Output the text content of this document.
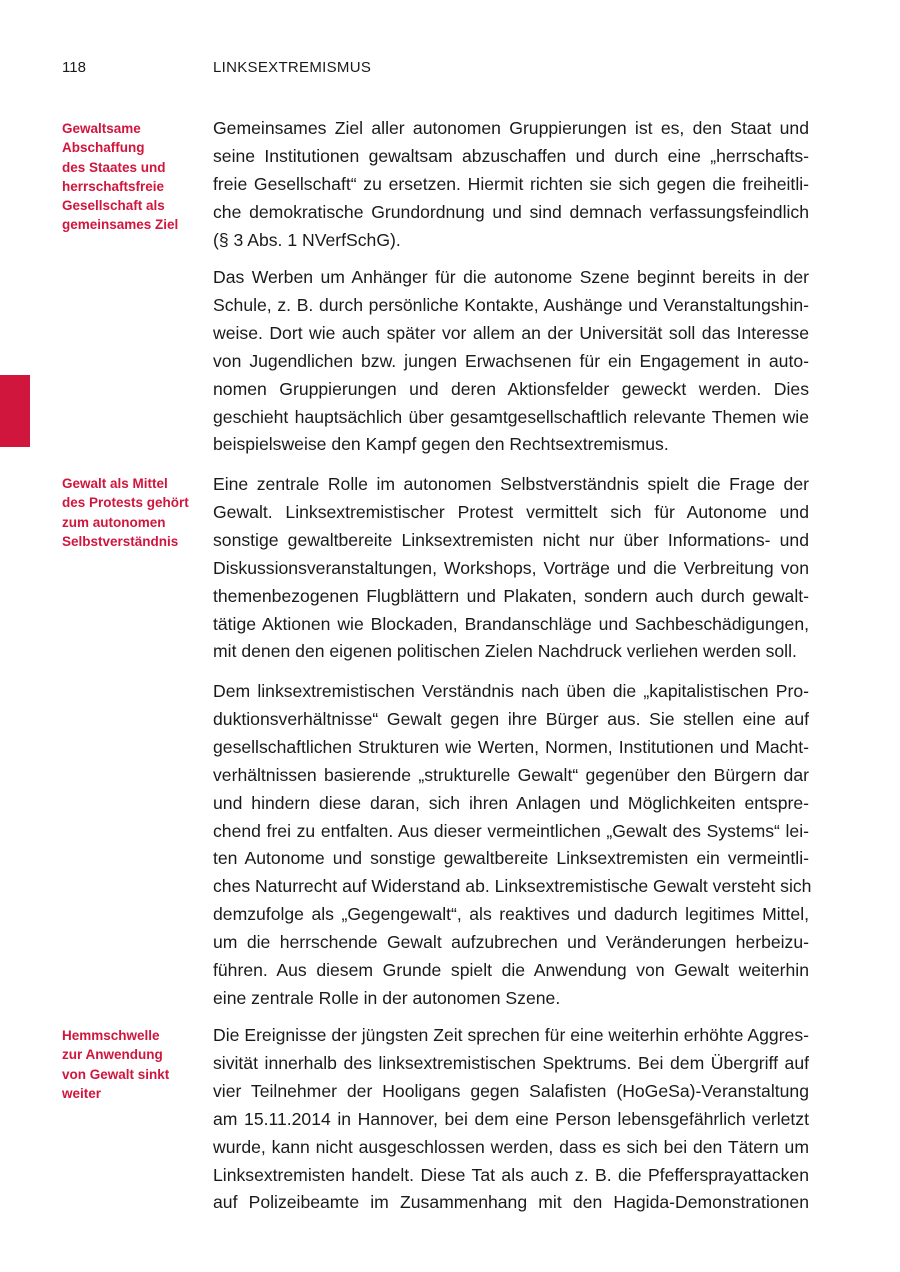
118	LINKSEXTREMISMUS
Gewaltsame
Abschaffung
des Staates und
herrschaftsfreie
Gesellschaft als
gemeinsames Ziel
Gewalt als Mittel
des Protests gehört
zum autonomen
Selbstverständnis
Hemmschwelle
zur Anwendung
von Gewalt sinkt
weiter
Gemeinsames Ziel aller autonomen Gruppierungen ist es, den Staat und
seine Institutionen gewaltsam abzuschaffen und durch eine „herrschafts-
freie Gesellschaft“ zu ersetzen. Hiermit richten sie sich gegen die freiheitli-
che demokratische Grundordnung und sind demnach verfassungsfeindlich
(§ 3 Abs. 1 NVerfSchG).
Das Werben um Anhänger für die autonome Szene beginnt bereits in der
Schule, z. B. durch persönliche Kontakte, Aushänge und Veranstaltungshin-
weise. Dort wie auch später vor allem an der Universität soll das Interesse
von Jugendlichen bzw. jungen Erwachsenen für ein Engagement in auto-
nomen Gruppierungen und deren Aktionsfelder geweckt werden. Dies
geschieht hauptsächlich über gesamtgesellschaftlich relevante Themen wie
beispielsweise den Kampf gegen den Rechtsextremismus.
Eine zentrale Rolle im autonomen Selbstverständnis spielt die Frage der
Gewalt. Linksextremistischer Protest vermittelt sich für Autonome und
sonstige gewaltbereite Linksextremisten nicht nur über Informations- und
Diskussionsveranstaltungen, Workshops, Vorträge und die Verbreitung von
themenbezogenen Flugblättern und Plakaten, sondern auch durch gewalt-
tätige Aktionen wie Blockaden, Brandanschläge und Sachbeschädigungen,
mit denen den eigenen politischen Zielen Nachdruck verliehen werden soll.
Dem linksextremistischen Verständnis nach üben die „kapitalistischen Pro-
duktionsverhältnisse“ Gewalt gegen ihre Bürger aus. Sie stellen eine auf
gesellschaftlichen Strukturen wie Werten, Normen, Institutionen und Macht-
verhältnissen basierende „strukturelle Gewalt“ gegenüber den Bürgern dar
und hindern diese daran, sich ihren Anlagen und Möglichkeiten entspre-
chend frei zu entfalten. Aus dieser vermeintlichen „Gewalt des Systems“ lei-
ten Autonome und sonstige gewaltbereite Linksextremisten ein vermeintli-
ches Naturrecht auf Widerstand ab. Linksextremistische Gewalt versteht sich
demzufolge als „Gegengewalt“, als reaktives und dadurch legitimes Mittel,
um die herrschende Gewalt aufzubrechen und Veränderungen herbeizu-
führen. Aus diesem Grunde spielt die Anwendung von Gewalt weiterhin
eine zentrale Rolle in der autonomen Szene.
Die Ereignisse der jüngsten Zeit sprechen für eine weiterhin erhöhte Aggres-
sivität innerhalb des linksextremistischen Spektrums. Bei dem Übergriff auf
vier Teilnehmer der Hooligans gegen Salafisten (HoGeSa)-Veranstaltung
am 15.11.2014 in Hannover, bei dem eine Person lebensgefährlich verletzt
wurde, kann nicht ausgeschlossen werden, dass es sich bei den Tätern um
Linksextremisten handelt. Diese Tat als auch z. B. die Pfeffersprayattacken
auf Polizeibeamte im Zusammenhang mit den Hagida-Demonstrationen
